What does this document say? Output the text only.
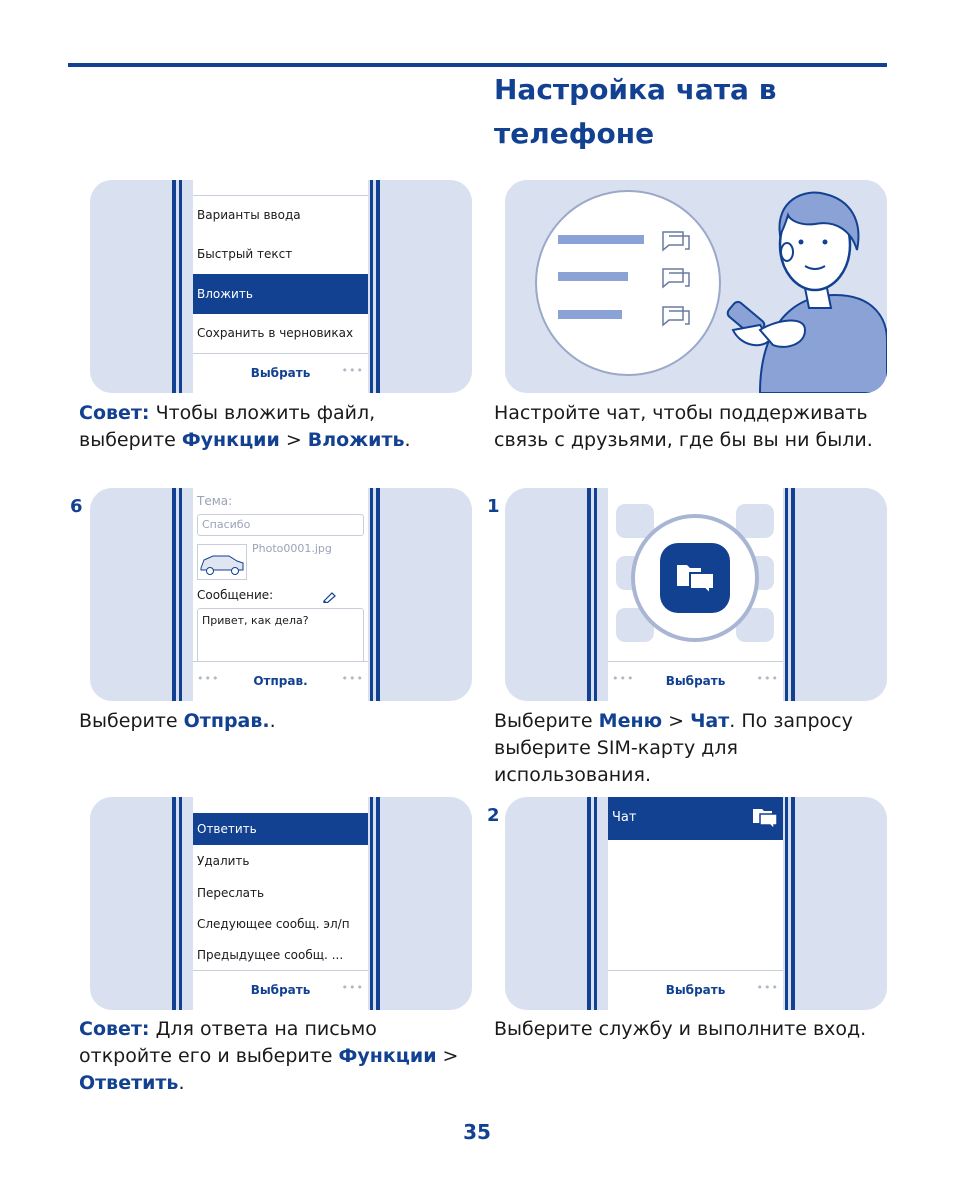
Настройка чата в телефоне
Варианты ввода
Быстрый текст
Вложить
Сохранить в черновиках
Выбрать	•••
Совет: Чтобы вложить файл, выберите Функции > Вложить.
Настройте чат, чтобы поддерживать связь с друзьями, где бы вы ни были.
6	Тема:
Спасибо
Photo0001.jpg
Сообщение:
Привет, как дела?
•••	Отправ.	•••
Выберите Отправ..
1
•••	Выбрать	•••
Выберите Меню > Чат. По запросу выберите SIM-карту для использования.
Ответить
Удалить
Переслать
Следующее сообщ. эл/п
Предыдущее сообщ. ...
Выбрать	•••
Совет: Для ответа на письмо откройте его и выберите Функции > Ответить.
2	Чат
Выбрать	•••
Выберите службу и выполните вход.
35
